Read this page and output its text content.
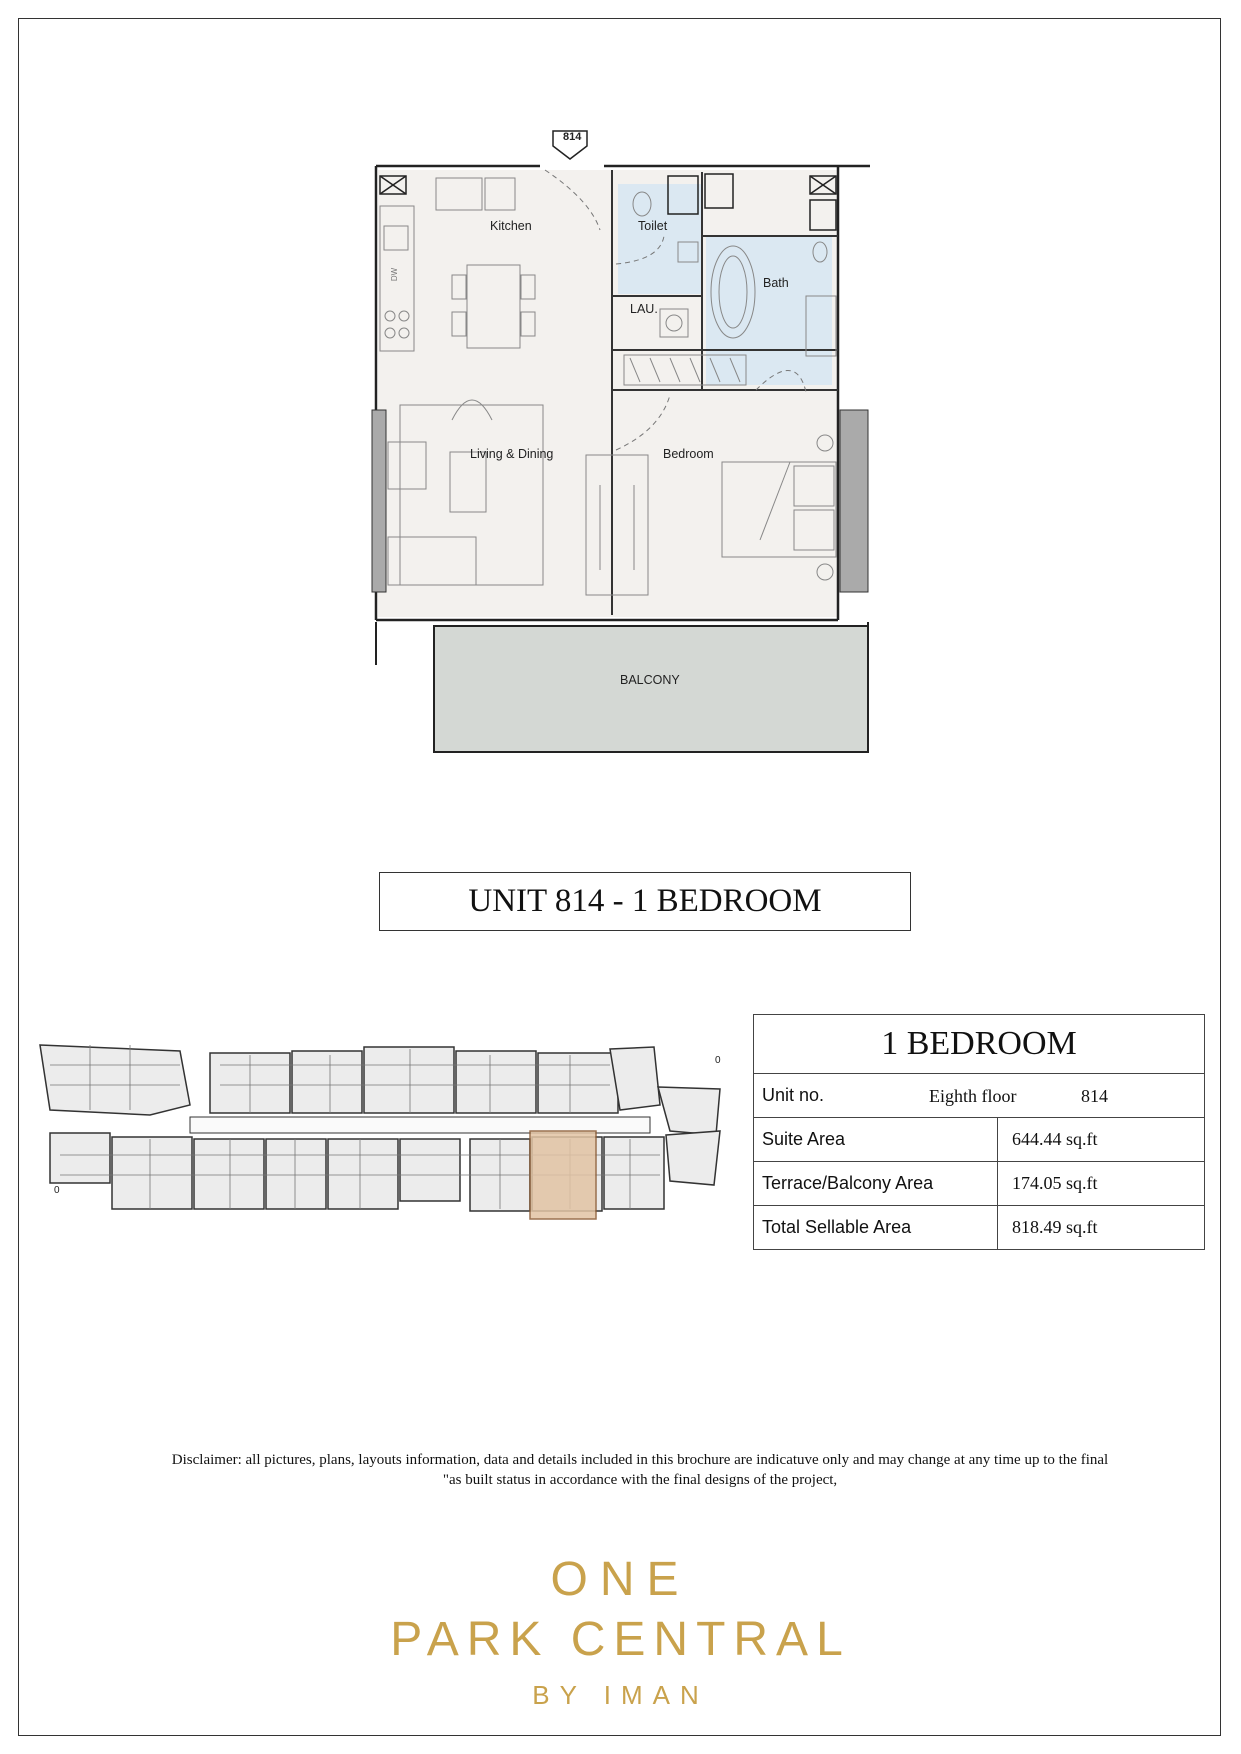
814
Kitchen	Toilet
Bath
LAU.
Living & Dining	Bedroom
BALCONY
DW
UNIT 814 - 1 BEDROOM
0
0	1 BEDROOM	
Unit no. Eighth floor 814	

Suite Area	644.44 sq.ft
Terrace/Balcony Area	174.05 sq.ft
Total Sellable Area	818.49 sq.ft
Disclaimer: all pictures, plans, layouts information, data and details included in this brochure are indicatuve only and may change at any time up to the final
"as built status in accordance with the final designs of the project,
ONE
PARK CENTRAL
BY IMAN
